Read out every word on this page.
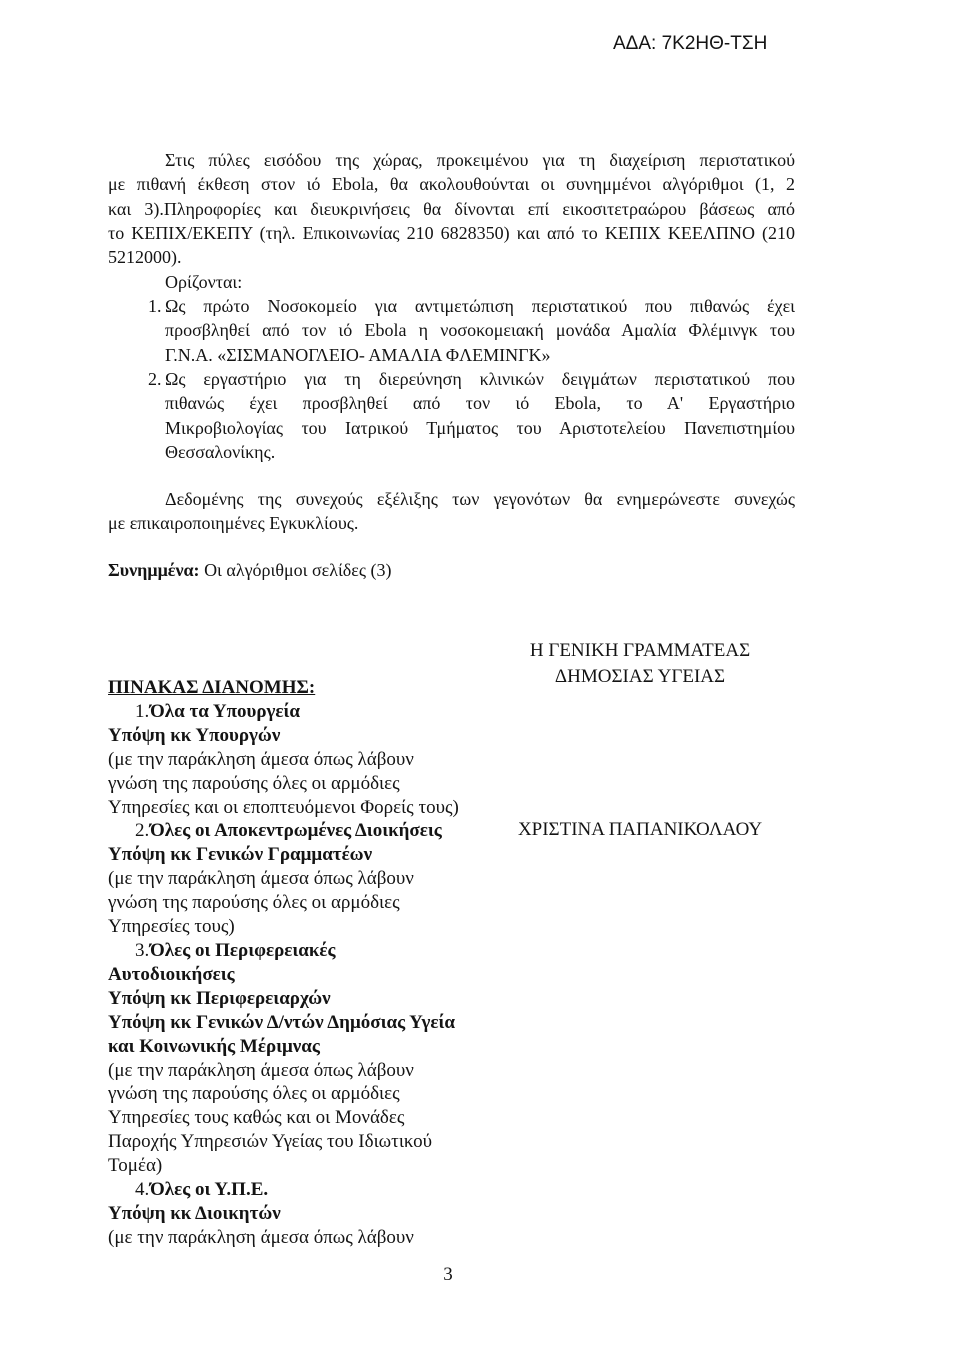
ΑΔΑ: 7Κ2ΗΘ-ΤΣΗ
Στις πύλες εισόδου της χώρας, προκειμένου για τη διαχείριση περιστατικού
με πιθανή έκθεση στον ιό Ebola, θα ακολουθούνται οι συνημμένοι αλγόριθμοι (1, 2
και 3).Πληροφορίες και διευκρινήσεις θα δίνονται επί εικοσιτετραώρου βάσεως από
το ΚΕΠΙΧ/ΕΚΕΠΥ (τηλ. Επικοινωνίας 210 6828350) και από το ΚΕΠΙΧ ΚΕΕΛΠΝΟ (210
5212000).
Ορίζονται:
1. Ως πρώτο Νοσοκομείο για αντιμετώπιση περιστατικού που πιθανώς έχει
προσβληθεί από τον ιό Ebola η νοσοκομειακή μονάδα Αμαλία Φλέμινγκ του
Γ.Ν.Α. «ΣΙΣΜΑΝΟΓΛΕΙΟ- ΑΜΑΛΙΑ ΦΛΕΜΙΝΓΚ»
2. Ως εργαστήριο για τη διερεύνηση κλινικών δειγμάτων περιστατικού που
πιθανώς έχει προσβληθεί από τον ιό Ebola, το Α' Εργαστήριο
Μικροβιολογίας του Ιατρικού Τμήματος του Αριστοτελείου Πανεπιστημίου
Θεσσαλονίκης.
Δεδομένης της συνεχούς εξέλιξης των γεγονότων θα ενημερώνεστε συνεχώς
με επικαιροποιημένες Εγκυκλίους.
Συνημμένα: Οι αλγόριθμοι σελίδες (3)
Η ΓΕΝΙΚΗ ΓΡΑΜΜΑΤΕΑΣ
ΔΗΜΟΣΙΑΣ ΥΓΕΙΑΣ
ΧΡΙΣΤΙΝΑ ΠΑΠΑΝΙΚΟΛΑΟΥ
ΠΙΝΑΚΑΣ ΔΙΑΝΟΜΗΣ:
1. Όλα τα Υπουργεία
Υπόψη κκ Υπουργών
(με την παράκληση άμεσα όπως λάβουν
γνώση της παρούσης όλες οι αρμόδιες
Υπηρεσίες και οι εποπτευόμενοι Φορείς τους)
2. Όλες οι Αποκεντρωμένες Διοικήσεις
Υπόψη κκ Γενικών Γραμματέων
(με την παράκληση άμεσα όπως λάβουν
γνώση της παρούσης όλες οι αρμόδιες
Υπηρεσίες τους)
3. Όλες οι Περιφερειακές
Αυτοδιοικήσεις
Υπόψη κκ Περιφερειαρχών
Υπόψη κκ Γενικών Δ/ντών Δημόσιας Υγεία
και Κοινωνικής Μέριμνας
(με την παράκληση άμεσα όπως λάβουν
γνώση της παρούσης όλες οι αρμόδιες
Υπηρεσίες τους καθώς και οι Μονάδες
Παροχής Υπηρεσιών Υγείας του Ιδιωτικού
Τομέα)
4. Όλες οι Υ.Π.Ε.
Υπόψη κκ Διοικητών
(με την παράκληση άμεσα όπως λάβουν
3
